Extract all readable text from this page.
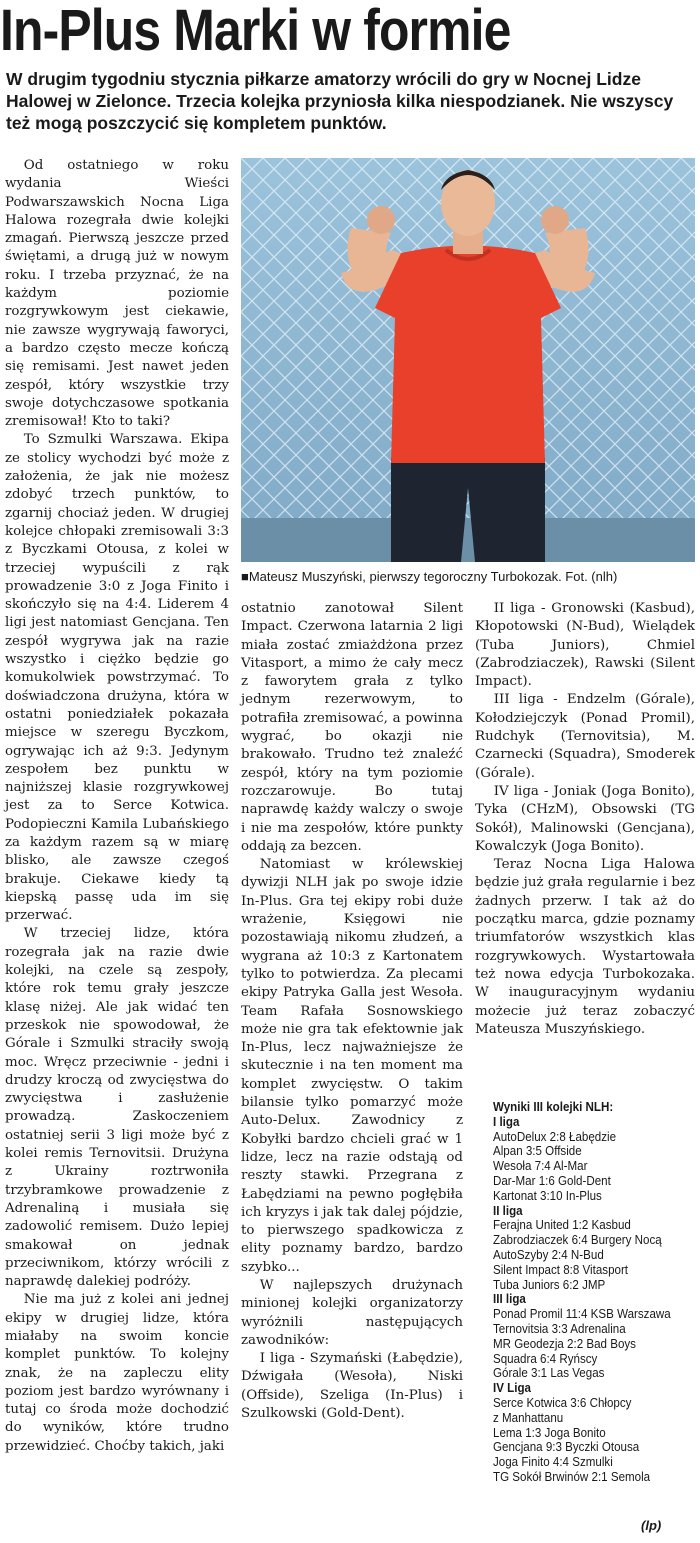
In-Plus Marki w formie

W drugim tygodniu stycznia piłkarze amatorzy wrócili do gry w Nocnej Lidze Halowej w Zielonce. Trzecia kolejka przyniosła kilka niespodzianek. Nie wszyscy też mogą poszczycić się kompletem punktów.

Od ostatniego w roku wydania Wieści Podwarszawskich Nocna Liga Halowa rozegrała dwie kolejki zmagań. Pierwszą jeszcze przed świętami, a drugą już w nowym roku. I trzeba przyznać, że na każdym poziomie rozgrywkowym jest ciekawie, nie zawsze wygrywają faworyci, a bardzo często mecze kończą się remisami. Jest nawet jeden zespół, który wszystkie trzy swoje dotychczasowe spotkania zremisował! Kto to taki?

To Szmulki Warszawa. Ekipa ze stolicy wychodzi być może z założenia, że jak nie możesz zdobyć trzech punktów, to zgarnij chociaż jeden. W drugiej kolejce chłopaki zremisowali 3:3 z Byczkami Otousa, z kolei w trzeciej wypuścili z rąk prowadzenie 3:0 z Joga Finito i skończyło się na 4:4. Liderem 4 ligi jest natomiast Gencjana. Ten zespół wygrywa jak na razie wszystko i ciężko będzie go komukolwiek powstrzymać. To doświadczona drużyna, która w ostatni poniedziałek pokazała miejsce w szeregu Byczkom, ogrywając ich aż 9:3. Jedynym zespołem bez punktu w najniższej klasie rozgrywkowej jest za to Serce Kotwica. Podopieczni Kamila Lubańskiego za każdym razem są w miarę blisko, ale zawsze czegoś brakuje. Ciekawe kiedy tą kiepską passę uda im się przerwać.

W trzeciej lidze, która rozegrała jak na razie dwie kolejki, na czele są zespoły, które rok temu grały jeszcze klasę niżej. Ale jak widać ten przeskok nie spowodował, że Górale i Szmulki straciły swoją moc. Wręcz przeciwnie - jedni i drudzy kroczą od zwycięstwa do zwycięstwa i zasłużenie prowadzą. Zaskoczeniem ostatniej serii 3 ligi może być z kolei remis Ternovitsii. Drużyna z Ukrainy roztrwoniła trzybramkowe prowadzenie z Adrenaliną i musiała się zadowolić remisem. Dużo lepiej smakował on jednak przeciwnikom, którzy wrócili z naprawdę dalekiej podróży.

Nie ma już z kolei ani jednej ekipy w drugiej lidze, która miałaby na swoim koncie komplet punktów. To kolejny znak, że na zapleczu elity poziom jest bardzo wyrównany i tutaj co środa może dochodzić do wyników, które trudno przewidzieć. Choćby takich, jaki

■Mateusz Muszyński, pierwszy tegoroczny Turbokozak. Fot. (nlh)

ostatnio zanotował Silent Impact. Czerwona latarnia 2 ligi miała zostać zmiażdżona przez Vitasport, a mimo że cały mecz z faworytem grała z tylko jednym rezerwowym, to potrafiła zremisować, a powinna wygrać, bo okazji nie brakowało. Trudno też znaleźć zespół, który na tym poziomie rozczarowuje. Bo tutaj naprawdę każdy walczy o swoje i nie ma zespołów, które punkty oddają za bezcen.

Natomiast w królewskiej dywizji NLH jak po swoje idzie In-Plus. Gra tej ekipy robi duże wrażenie, Księgowi nie pozostawiają nikomu złudzeń, a wygrana aż 10:3 z Kartonatem tylko to potwierdza. Za plecami ekipy Patryka Galla jest Wesoła. Team Rafała Sosnowskiego może nie gra tak efektownie jak In-Plus, lecz najważniejsze że skutecznie i na ten moment ma komplet zwycięstw. O takim bilansie tylko pomarzyć może Auto-Delux. Zawodnicy z Kobyłki bardzo chcieli grać w 1 lidze, lecz na razie odstają od reszty stawki. Przegrana z Łabędziami na pewno pogłębiła ich kryzys i jak tak dalej pójdzie, to pierwszego spadkowicza z elity poznamy bardzo, bardzo szybko...

W najlepszych drużynach minionej kolejki organizatorzy wyróżnili następujących zawodników:

I liga - Szymański (Łabędzie), Dźwigała (Wesoła), Niski (Offside), Szeliga (In-Plus) i Szulkowski (Gold-Dent).

II liga - Gronowski (Kasbud), Kłopotowski (N-Bud), Wielądek (Tuba Juniors), Chmiel (Zabrodziaczek), Rawski (Silent Impact).

III liga - Endzelm (Górale), Kołodziejczyk (Ponad Promil), Rudchyk (Ternovitsia), M. Czarnecki (Squadra), Smoderek (Górale).

IV liga - Joniak (Joga Bonito), Tyka (CHzM), Obsowski (TG Sokół), Malinowski (Gencjana), Kowalczyk (Joga Bonito).

Teraz Nocna Liga Halowa będzie już grała regularnie i bez żadnych przerw. I tak aż do początku marca, gdzie poznamy triumfatorów wszystkich klas rozgrywkowych. Wystartowała też nowa edycja Turbokozaka. W inauguracyjnym wydaniu możecie już teraz zobaczyć Mateusza Muszyńskiego.

Wyniki III kolejki NLH:
I liga
AutoDelux 2:8 Łabędzie
Alpan 3:5 Offside
Wesoła 7:4 Al-Mar
Dar-Mar 1:6 Gold-Dent
Kartonat 3:10 In-Plus
II liga
Ferajna United 1:2 Kasbud
Zabrodziaczek 6:4 Burgery Nocą
AutoSzyby 2:4 N-Bud
Silent Impact 8:8 Vitasport
Tuba Juniors 6:2 JMP
III liga
Ponad Promil 11:4 KSB Warszawa
Ternovitsia 3:3 Adrenalina
MR Geodezja 2:2 Bad Boys
Squadra 6:4 Ryńscy
Górale 3:1 Las Vegas
IV Liga
Serce Kotwica 3:6 Chłopcy
z Manhattanu
Lema 1:3 Joga Bonito
Gencjana 9:3 Byczki Otousa
Joga Finito 4:4 Szmulki
TG Sokół Brwinów 2:1 Semola
(lp)
